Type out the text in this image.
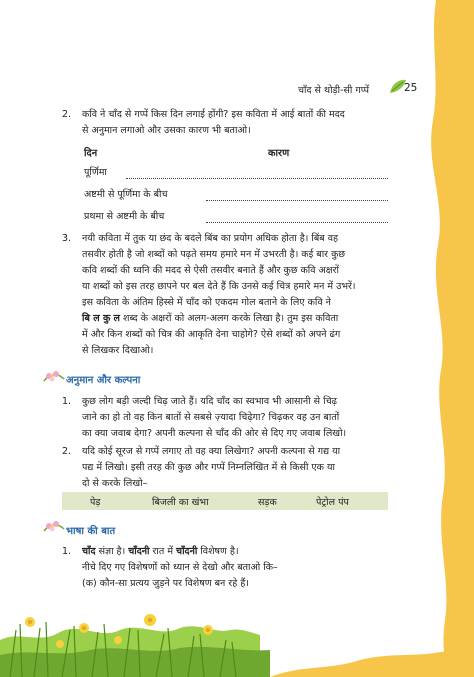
चाँद से थोड़ी-सी गप्पें	25
2. कवि ने चाँद से गप्पें किस दिन लगाई होंगी? इस कविता में आई बातों की मदद
से अनुमान लगाओ और उसका कारण भी बताओ।
दिन	कारण
पूर्णिमा
अष्टमी से पूर्णिमा के बीच
प्रथमा से अष्टमी के बीच
3. नयी कविता में तुक या छंद के बदले बिंब का प्रयोग अधिक होता है। बिंब वह
तसवीर होती है जो शब्दों को पढ़ते समय हमारे मन में उभरती है। कई बार कुछ
कवि शब्दों की ध्वनि की मदद से ऐसी तसवीर बनाते हैं और कुछ कवि अक्षरों
या शब्दों को इस तरह छापने पर बल देते हैं कि उनसे कई चित्र हमारे मन में उभरें।
इस कविता के अंतिम हिस्से में चाँद को एकदम गोल बताने के लिए कवि ने
बि ल कु ल शब्द के अक्षरों को अलग-अलग करके लिखा है। तुम इस कविता
में और किन शब्दों को चित्र की आकृति देना चाहोगे? ऐसे शब्दों को अपने ढंग
से लिखकर दिखाओ।
अनुमान और कल्पना
1. कुछ लोग बड़ी जल्दी चिढ़ जाते हैं। यदि चाँद का स्वभाव भी आसानी से चिढ़
जाने का हो तो वह किन बातों से सबसे ज़्यादा चिढ़ेगा? चिढ़कर वह उन बातों
का क्या जवाब देगा? अपनी कल्पना से चाँद की ओर से दिए गए जवाब लिखो।
2. यदि कोई सूरज से गप्पें लगाए तो वह क्या लिखेगा? अपनी कल्पना से गद्य या
पद्य में लिखो। इसी तरह की कुछ और गप्पें निम्नलिखित में से किसी एक या
दो से करके लिखो–
पेड़	बिजली का खंभा	सड़क	पेट्रोल पंप
भाषा की बात
1. चाँद संज्ञा है। चाँदनी रात में चाँदनी विशेषण है।
नीचे दिए गए विशेषणों को ध्यान से देखो और बताओ कि–
(क) कौन-सा प्रत्यय जुड़ने पर विशेषण बन रहे हैं।
